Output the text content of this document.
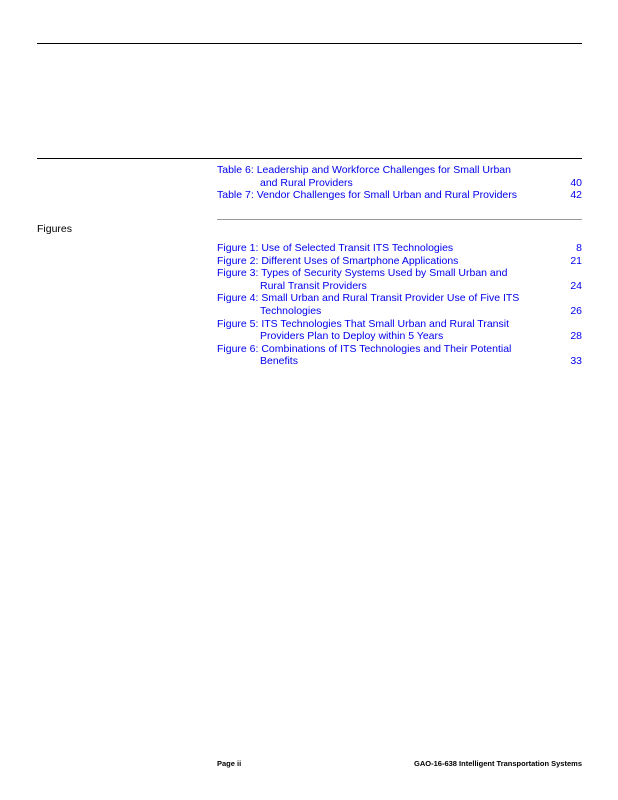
Table 6: Leadership and Workforce Challenges for Small Urban
and Rural Providers	40
Table 7: Vendor Challenges for Small Urban and Rural Providers	42
Figures
Figure 1: Use of Selected Transit ITS Technologies	8
Figure 2: Different Uses of Smartphone Applications	21
Figure 3: Types of Security Systems Used by Small Urban and
Rural Transit Providers	24
Figure 4: Small Urban and Rural Transit Provider Use of Five ITS
Technologies	26
Figure 5: ITS Technologies That Small Urban and Rural Transit
Providers Plan to Deploy within 5 Years	28
Figure 6: Combinations of ITS Technologies and Their Potential
Benefits	33
Page ii	GAO-16-638 Intelligent Transportation Systems
